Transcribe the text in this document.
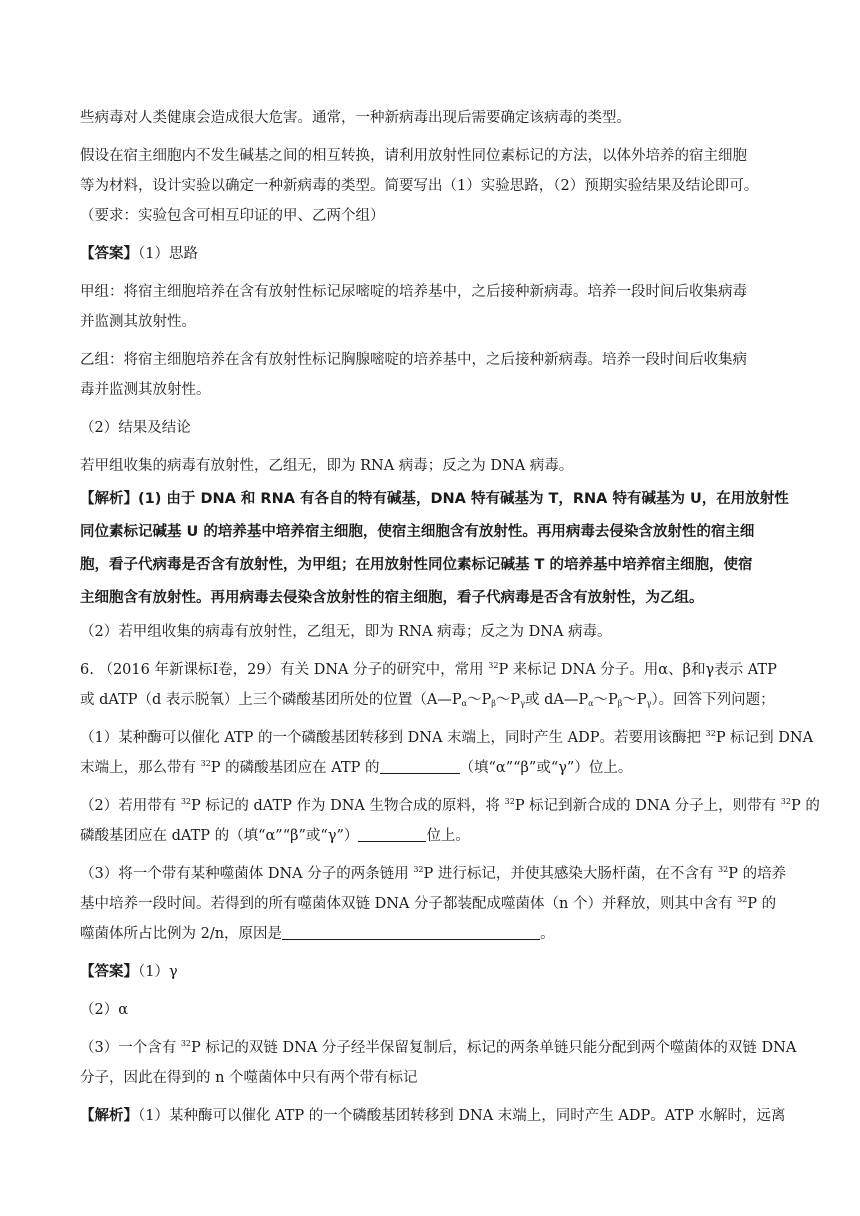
些病毒对人类健康会造成很大危害。通常，一种新病毒出现后需要确定该病毒的类型。
假设在宿主细胞内不发生碱基之间的相互转换，请利用放射性同位素标记的方法，以体外培养的宿主细胞
等为材料，设计实验以确定一种新病毒的类型。简要写出（1）实验思路，（2）预期实验结果及结论即可。
（要求：实验包含可相互印证的甲、乙两个组）
【答案】（1）思路
甲组：将宿主细胞培养在含有放射性标记尿嘧啶的培养基中，之后接种新病毒。培养一段时间后收集病毒
并监测其放射性。
乙组：将宿主细胞培养在含有放射性标记胸腺嘧啶的培养基中，之后接种新病毒。培养一段时间后收集病
毒并监测其放射性。
（2）结果及结论
若甲组收集的病毒有放射性，乙组无，即为 RNA 病毒；反之为 DNA 病毒。
【解析】(1) 由于 DNA 和 RNA 有各自的特有碱基，DNA 特有碱基为 T，RNA 特有碱基为 U，在用放射性
同位素标记碱基 U 的培养基中培养宿主细胞，使宿主细胞含有放射性。再用病毒去侵染含放射性的宿主细
胞，看子代病毒是否含有放射性，为甲组；在用放射性同位素标记碱基 T 的培养基中培养宿主细胞，使宿
主细胞含有放射性。再用病毒去侵染含放射性的宿主细胞，看子代病毒是否含有放射性，为乙组。
（2）若甲组收集的病毒有放射性，乙组无，即为 RNA 病毒；反之为 DNA 病毒。
6. （2016 年新课标Ⅰ卷，29）有关 DNA 分子的研究中，常用 $^{32}$P 来标记 DNA 分子。用α、β和γ表示 ATP
或 dATP（d 表示脱氧）上三个磷酸基团所处的位置（$A—P_\alpha\sim P_\beta\sim P_\gamma$或 $dA—P_\alpha\sim P_\beta\sim P_\gamma$）。回答下列问题；
（1）某种酶可以催化 ATP 的一个磷酸基团转移到 DNA 末端上，同时产生 ADP。若要用该酶把 $^{32}$P 标记到 DNA
末端上，那么带有 $^{32}$P 的磷酸基团应在 ATP 的	（填“α”“β”或“γ”）位上。
（2）若用带有 $^{32}$P 标记的 dATP 作为 DNA 生物合成的原料，将 $^{32}$P 标记到新合成的 DNA 分子上，则带有 $^{32}$P 的
磷酸基团应在 dATP 的（填“α”“β”或“γ”）	位上。
（3）将一个带有某种噬菌体 DNA 分子的两条链用 $^{32}$P 进行标记，并使其感染大肠杆菌，在不含有 $^{32}$P 的培养
基中培养一段时间。若得到的所有噬菌体双链 DNA 分子都装配成噬菌体（n 个）并释放，则其中含有 $^{32}$P 的
噬菌体所占比例为 2/n，原因是	。
【答案】（1）γ
（2）α
（3）一个含有 $^{32}$P 标记的双链 DNA 分子经半保留复制后，标记的两条单链只能分配到两个噬菌体的双链 DNA
分子，因此在得到的 n 个噬菌体中只有两个带有标记
【解析】（1）某种酶可以催化 ATP 的一个磷酸基团转移到 DNA 末端上，同时产生 ADP。ATP 水解时，远离
